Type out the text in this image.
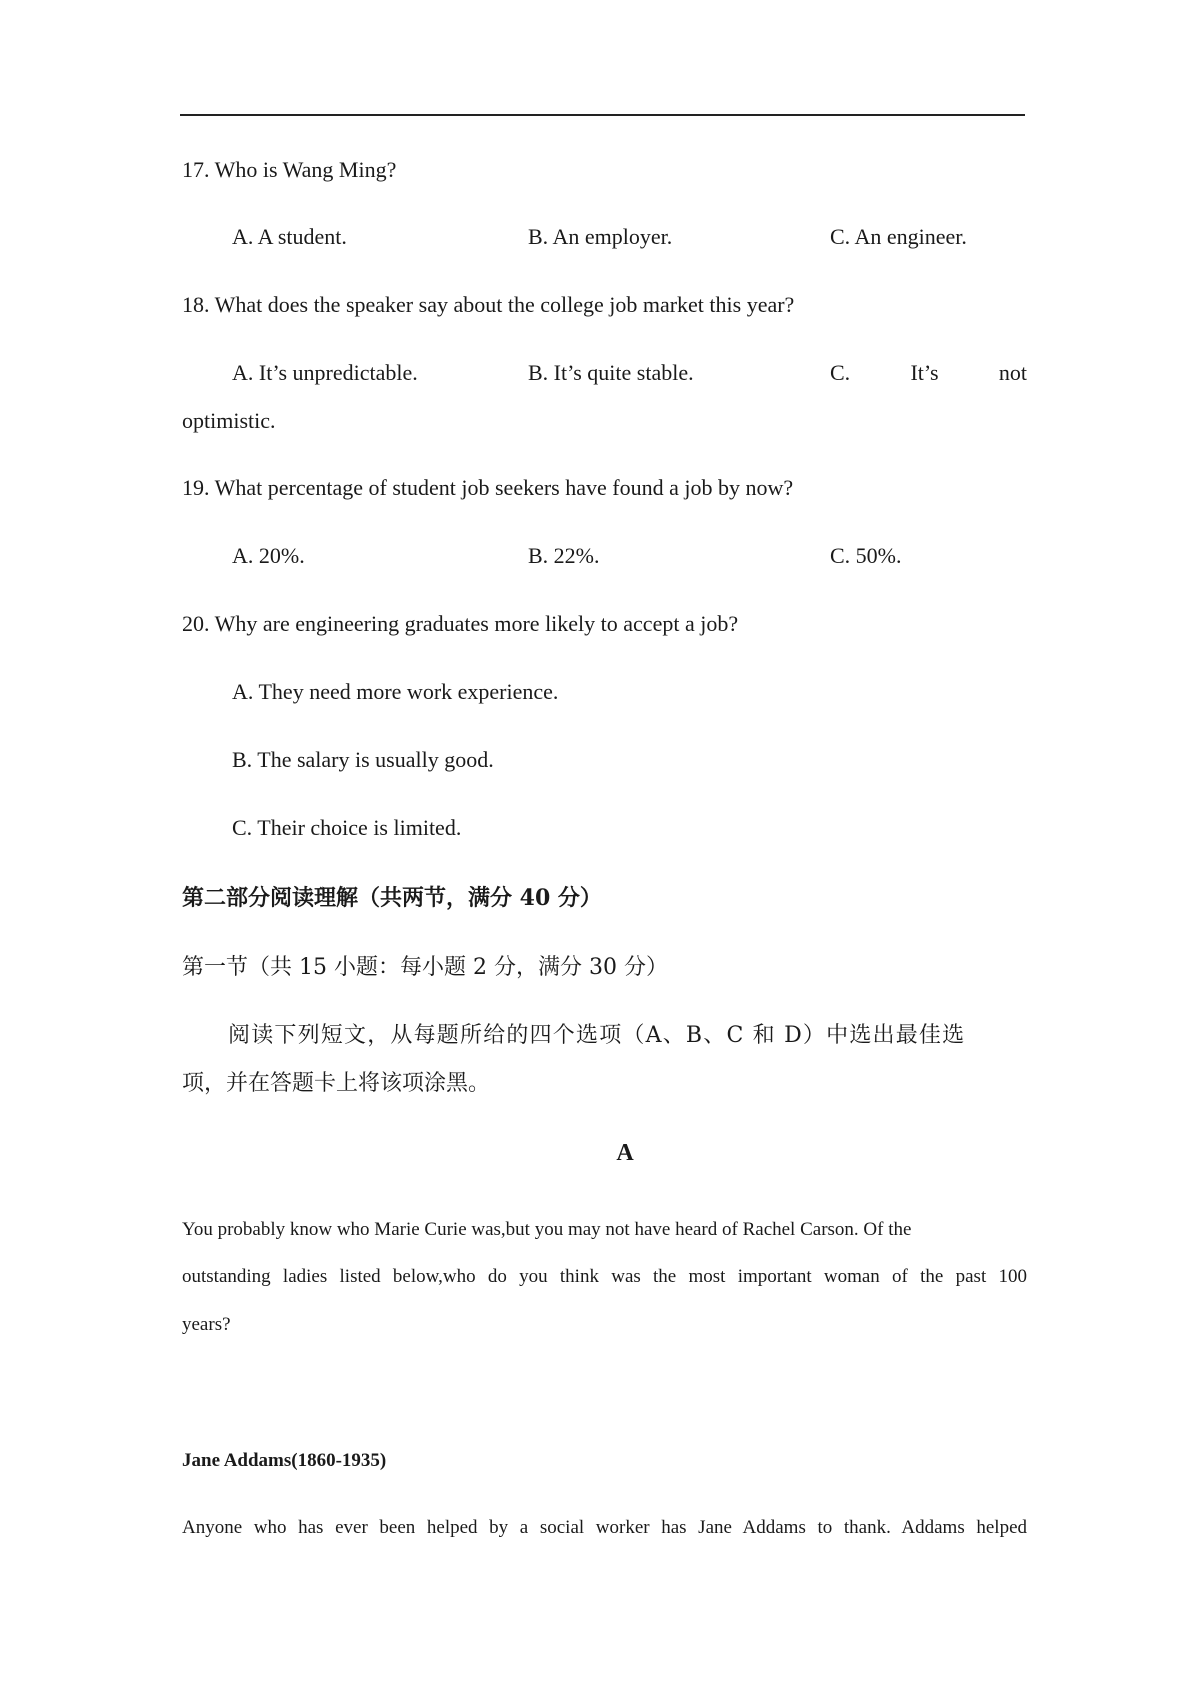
17. Who is Wang Ming?
A. A student.	B. An employer.	C. An engineer.
18. What does the speaker say about the college job market this year?
A. It’s unpredictable.	B. It’s quite stable.	C.	It’s	not
optimistic.
19. What percentage of student job seekers have found a job by now?
A. 20%.	B. 22%.	C. 50%.
20. Why are engineering graduates more likely to accept a job?
A. They need more work experience.
B. The salary is usually good.
C. Their choice is limited.
第二部分阅读理解（共两节，满分 40 分）
第一节（共 15 小题：每小题 2 分，满分 30 分）
阅读下列短文，从每题所给的四个选项（A、B、C 和 D）中选出最佳选
项，并在答题卡上将该项涂黑。
A
You probably know who Marie Curie was,but you may not have heard of Rachel Carson. Of the
outstanding ladies listed below,who do you think was the most important woman of the past 100
years?
Jane Addams(1860-1935)
Anyone who has ever been helped by a social worker has Jane Addams to thank. Addams helped
